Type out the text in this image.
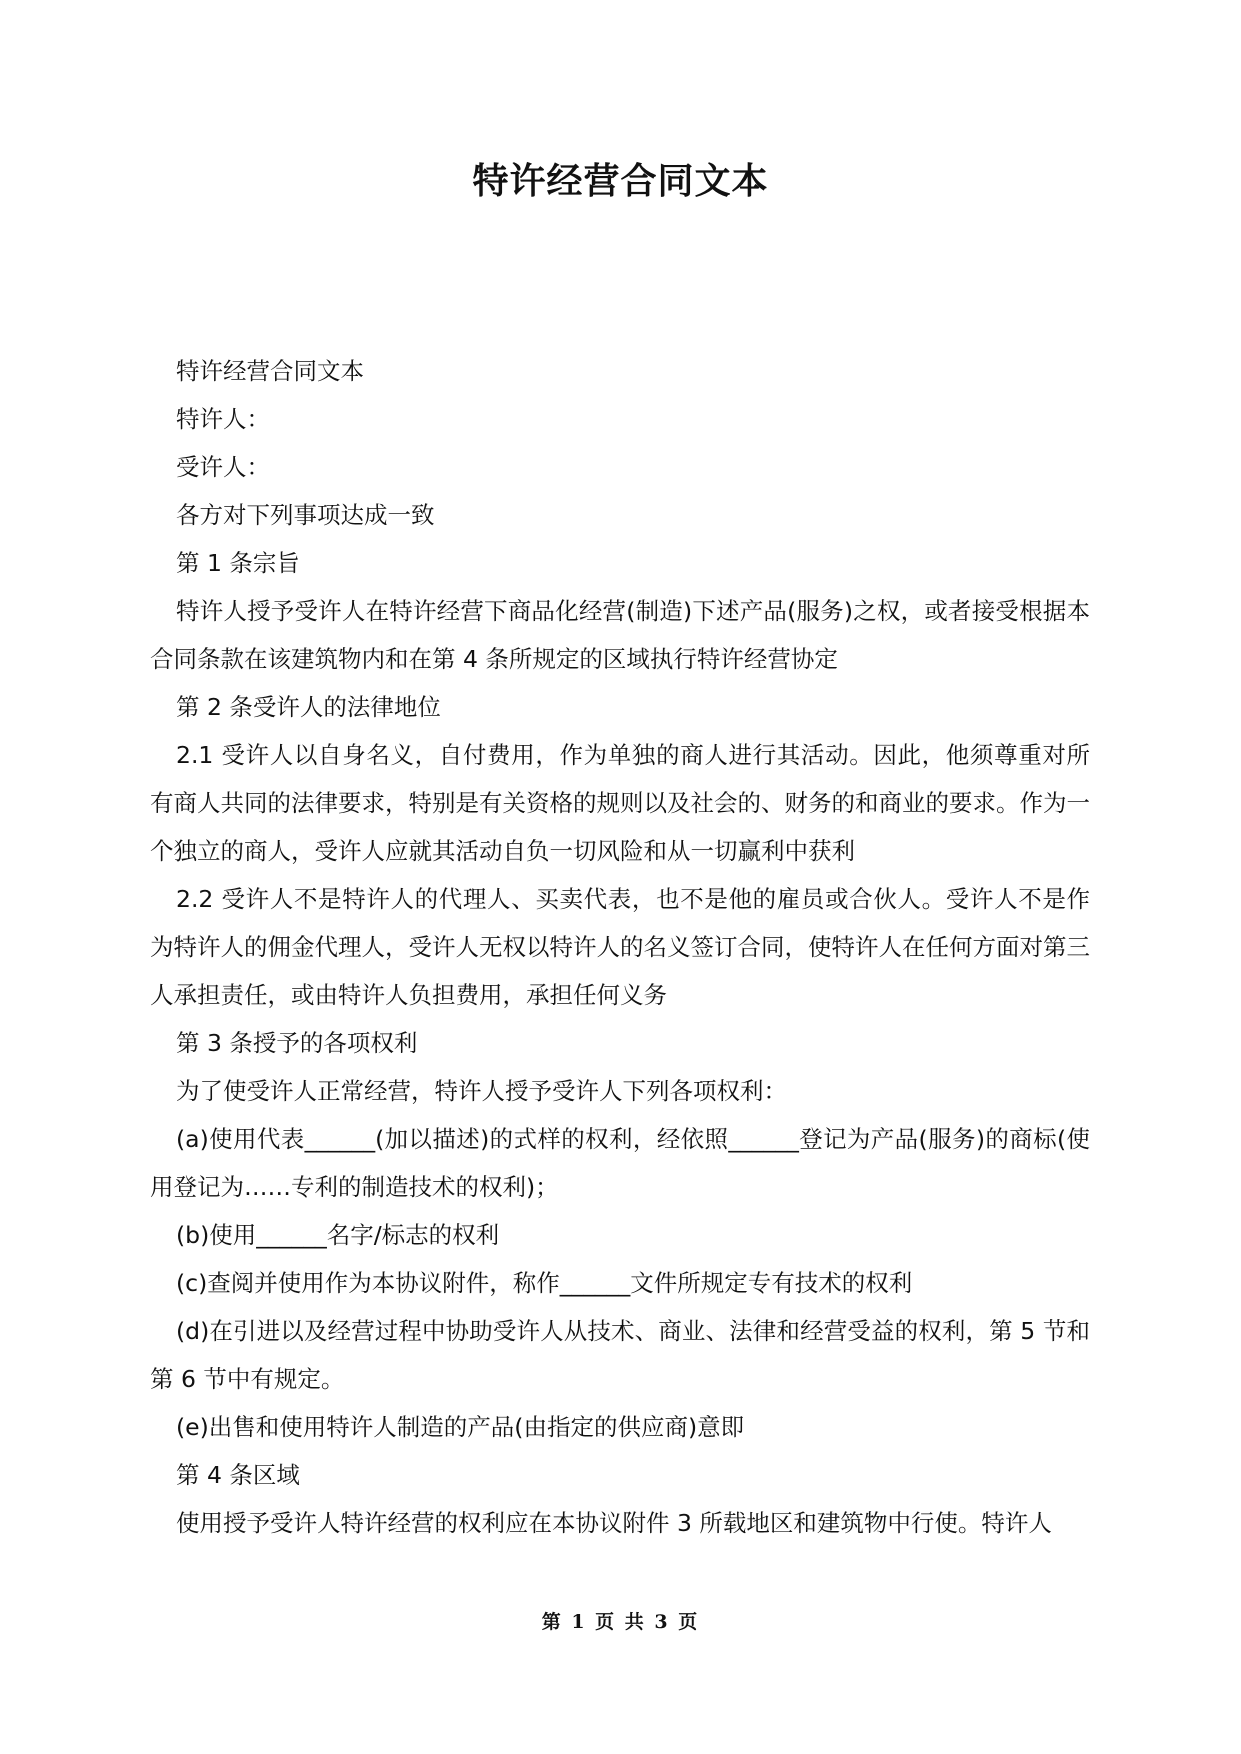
特许经营合同文本

特许经营合同文本

特许人：

受许人：

各方对下列事项达成一致

第 1 条宗旨

特许人授予受许人在特许经营下商品化经营(制造)下述产品(服务)之权，或者接受根据本合同条款在该建筑物内和在第 4 条所规定的区域执行特许经营协定

第 2 条受许人的法律地位

2.1 受许人以自身名义，自付费用，作为单独的商人进行其活动。因此，他须尊重对所有商人共同的法律要求，特别是有关资格的规则以及社会的、财务的和商业的要求。作为一个独立的商人，受许人应就其活动自负一切风险和从一切赢利中获利

2.2 受许人不是特许人的代理人、买卖代表，也不是他的雇员或合伙人。受许人不是作为特许人的佣金代理人，受许人无权以特许人的名义签订合同，使特许人在任何方面对第三人承担责任，或由特许人负担费用，承担任何义务

第 3 条授予的各项权利

为了使受许人正常经营，特许人授予受许人下列各项权利：

(a)使用代表______(加以描述)的式样的权利，经依照______登记为产品(服务)的商标(使用登记为……专利的制造技术的权利)；

(b)使用______名字/标志的权利

(c)查阅并使用作为本协议附件，称作______文件所规定专有技术的权利

(d)在引进以及经营过程中协助受许人从技术、商业、法律和经营受益的权利，第 5 节和第 6 节中有规定。

(e)出售和使用特许人制造的产品(由指定的供应商)意即

第 4 条区域

使用授予受许人特许经营的权利应在本协议附件 3 所载地区和建筑物中行使。特许人

第 1 页 共 3 页
